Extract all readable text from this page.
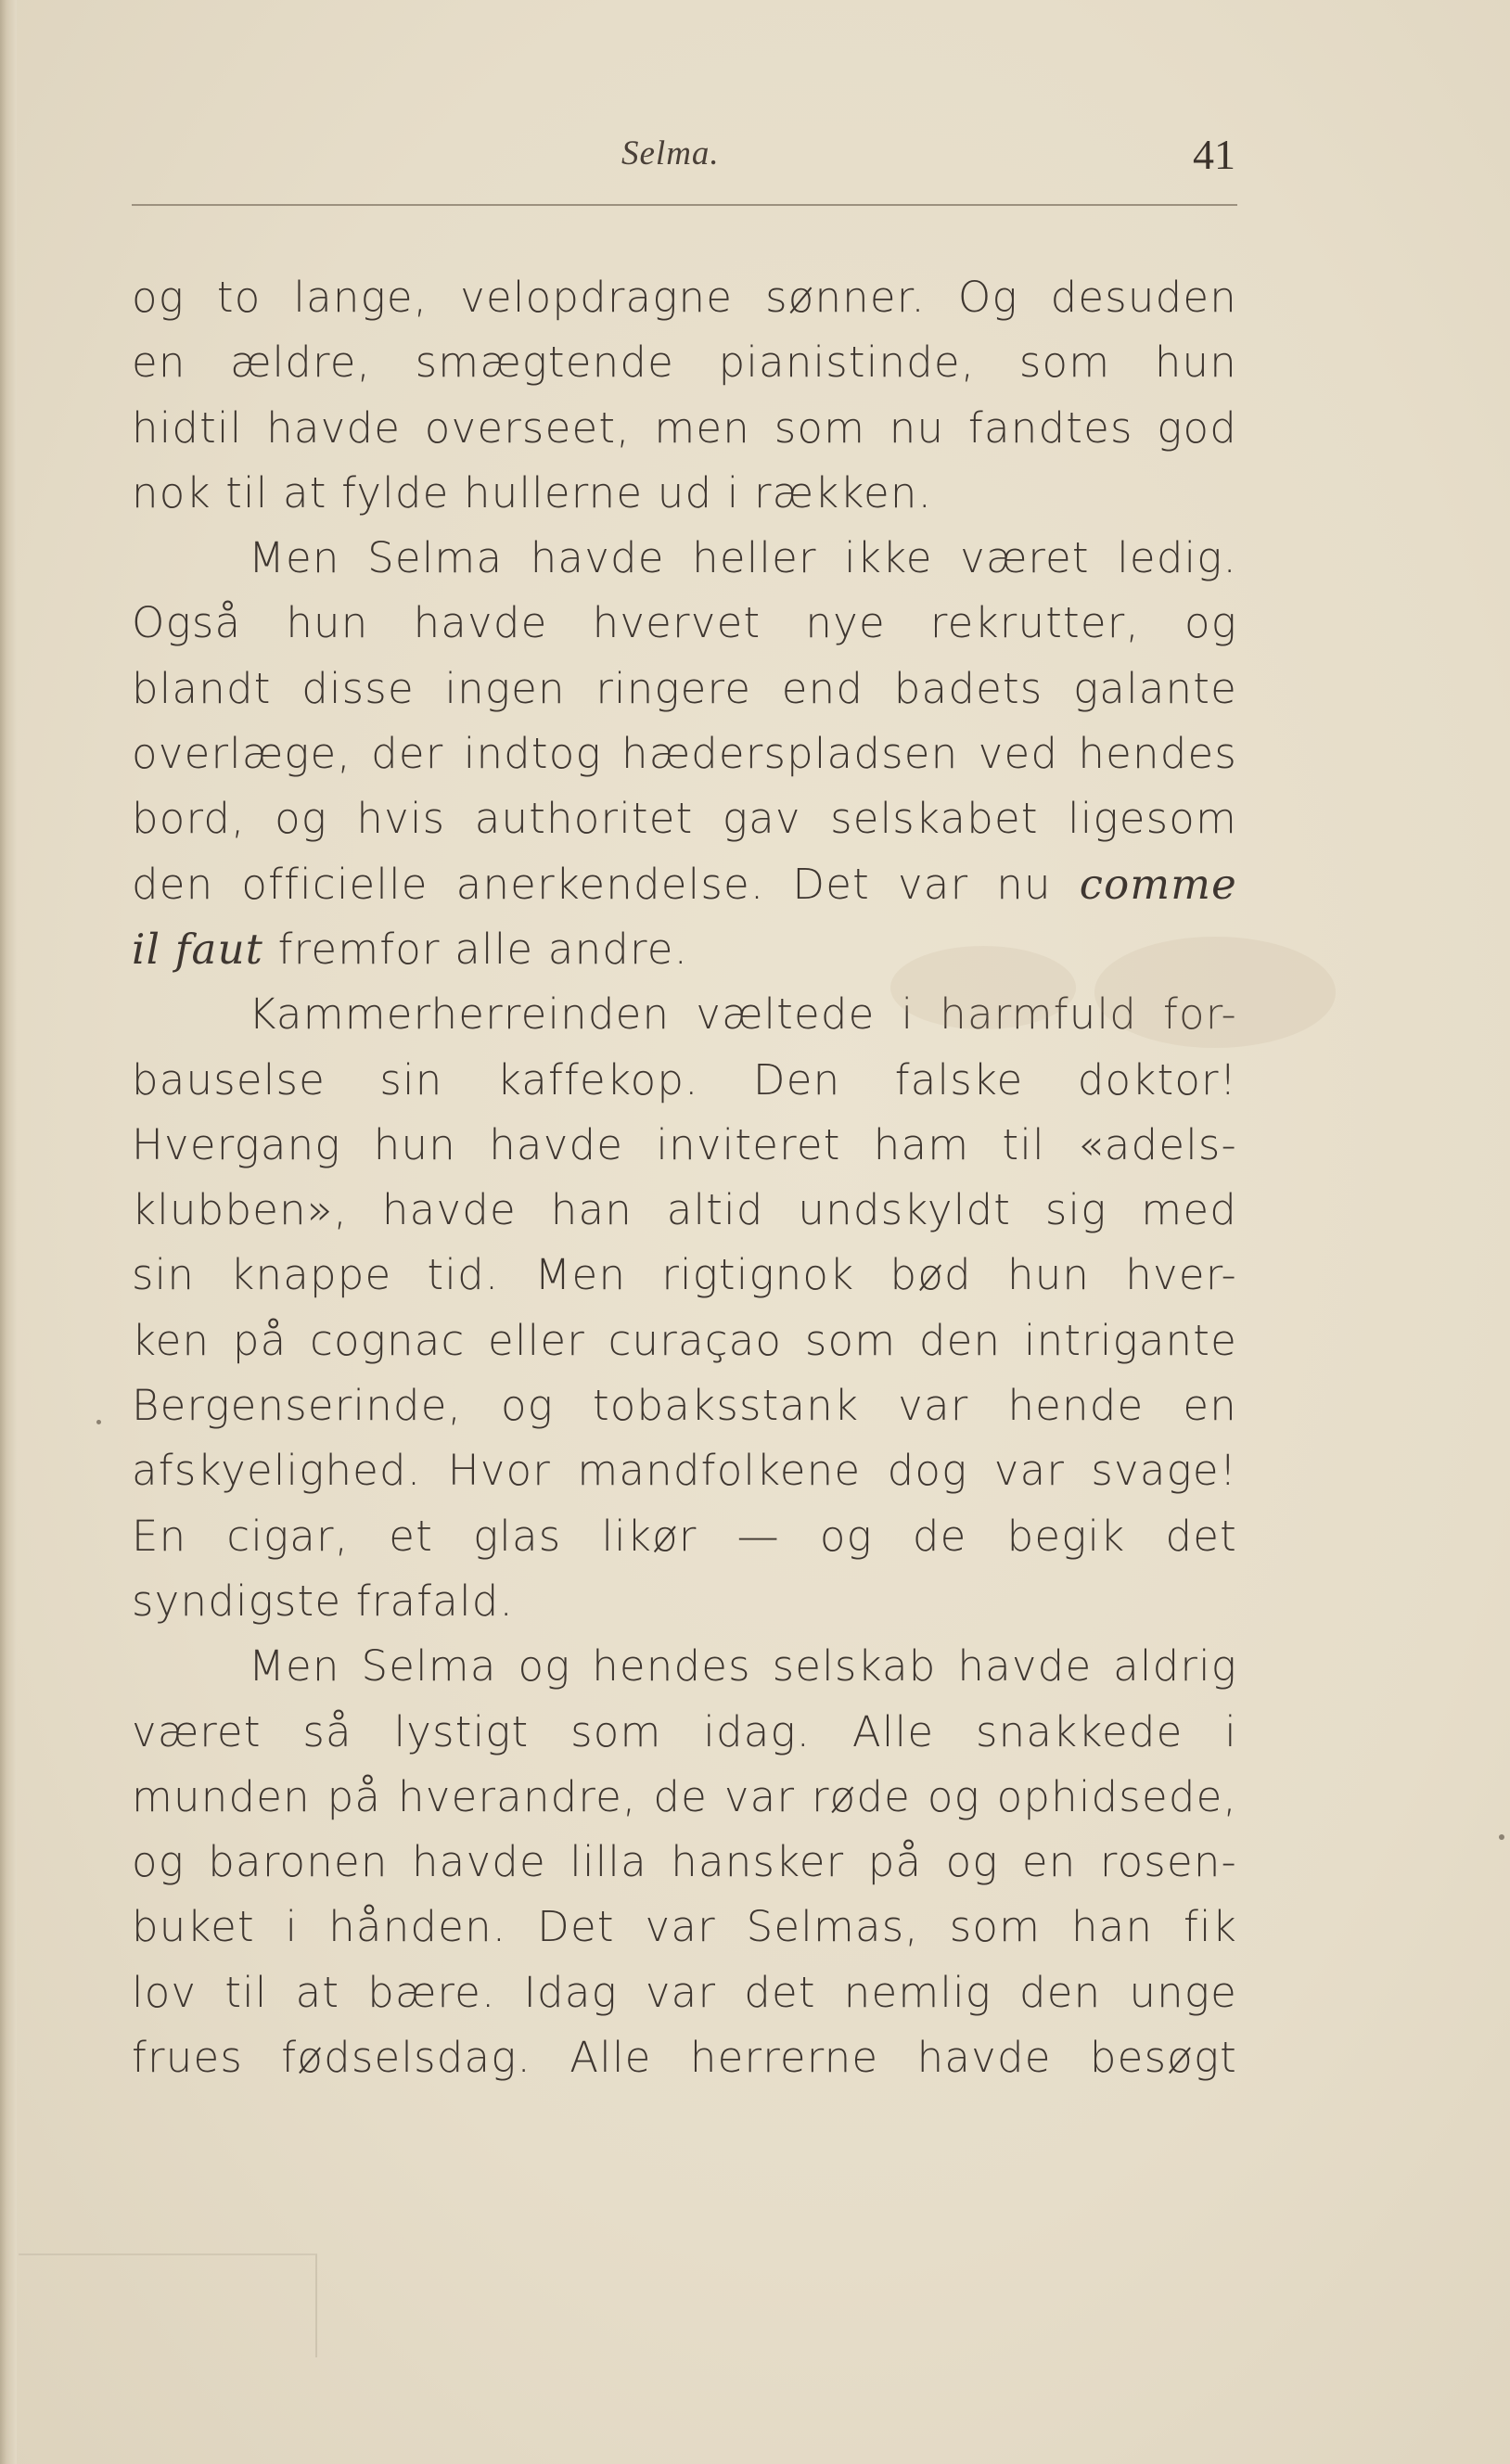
Selma.	41
og to lange, velopdragne sønner. Og desuden
en ældre, smægtende pianistinde, som hun
hidtil havde overseet, men som nu fandtes god
nok til at fylde hullerne ud i rækken.
Men Selma havde heller ikke været ledig.
Også hun havde hvervet nye rekrutter, og
blandt disse ingen ringere end badets galante
overlæge, der indtog hæderspladsen ved hendes
bord, og hvis authoritet gav selskabet ligesom
den officielle anerkendelse. Det var nu comme
il faut fremfor alle andre.
Kammerherreinden væltede i harmfuld for-
bauselse sin kaffekop. Den falske doktor!
Hvergang hun havde inviteret ham til «adels-
klubben», havde han altid undskyldt sig med
sin knappe tid. Men rigtignok bød hun hver-
ken på cognac eller curaçao som den intrigante
Bergenserinde, og tobaksstank var hende en
afskyelighed. Hvor mandfolkene dog var svage!
En cigar, et glas likør — og de begik det
syndigste frafald.
Men Selma og hendes selskab havde aldrig
været så lystigt som idag. Alle snakkede i
munden på hverandre, de var røde og ophidsede,
og baronen havde lilla hansker på og en rosen-
buket i hånden. Det var Selmas, som han fik
lov til at bære. Idag var det nemlig den unge
frues fødselsdag. Alle herrerne havde besøgt
